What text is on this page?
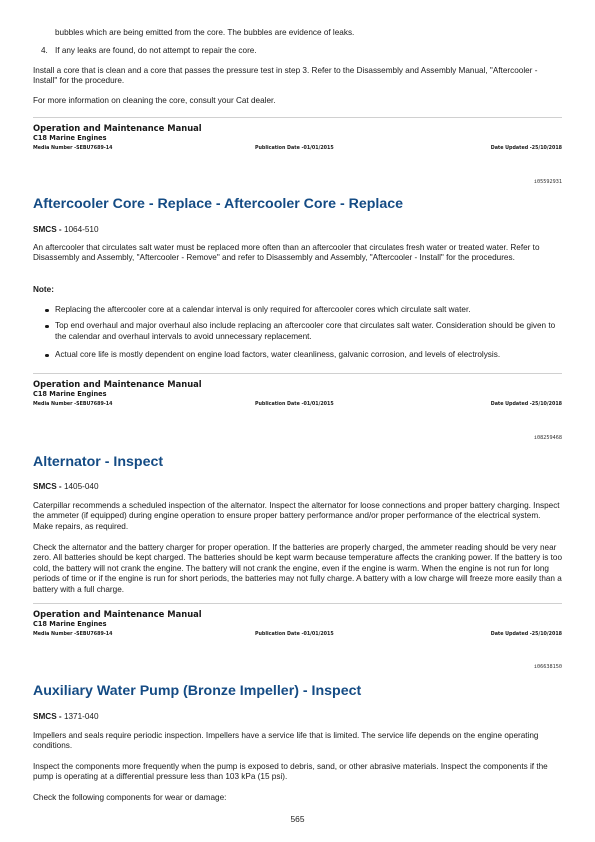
bubbles which are being emitted from the core. The bubbles are evidence of leaks.

4. If any leaks are found, do not attempt to repair the core.

Install a core that is clean and a core that passes the pressure test in step 3. Refer to the Disassembly and Assembly Manual, "Aftercooler - Install" for the procedure.

For more information on cleaning the core, consult your Cat dealer.

Operation and Maintenance Manual
C18 Marine Engines
Media Number -SEBU7689-14	Publication Date -01/01/2015	Date Updated -25/10/2018
i05592931
Aftercooler Core - Replace - Aftercooler Core - Replace
SMCS - 1064-510

An aftercooler that circulates salt water must be replaced more often than an aftercooler that circulates fresh water or treated water. Refer to Disassembly and Assembly, "Aftercooler - Remove" and refer to Disassembly and Assembly, "Aftercooler - Install" for the procedures.

Note:
Replacing the aftercooler core at a calendar interval is only required for aftercooler cores which circulate salt water.
Top end overhaul and major overhaul also include replacing an aftercooler core that circulates salt water. Consideration should be given to the calendar and overhaul intervals to avoid unnecessary replacement.
Actual core life is mostly dependent on engine load factors, water cleanliness, galvanic corrosion, and levels of electrolysis.
Operation and Maintenance Manual
C18 Marine Engines
Media Number -SEBU7689-14	Publication Date -01/01/2015	Date Updated -25/10/2018
i08259468
Alternator - Inspect
SMCS - 1405-040

Caterpillar recommends a scheduled inspection of the alternator. Inspect the alternator for loose connections and proper battery charging. Inspect the ammeter (if equipped) during engine operation to ensure proper battery performance and/or proper performance of the electrical system. Make repairs, as required.

Check the alternator and the battery charger for proper operation. If the batteries are properly charged, the ammeter reading should be very near zero. All batteries should be kept charged. The batteries should be kept warm because temperature affects the cranking power. If the battery is too cold, the battery will not crank the engine. The battery will not crank the engine, even if the engine is warm. When the engine is not run for long periods of time or if the engine is run for short periods, the batteries may not fully charge. A battery with a low charge will freeze more easily than a battery with a full charge.

Operation and Maintenance Manual
C18 Marine Engines
Media Number -SEBU7689-14	Publication Date -01/01/2015	Date Updated -25/10/2018
i06638150
Auxiliary Water Pump (Bronze Impeller) - Inspect
SMCS - 1371-040

Impellers and seals require periodic inspection. Impellers have a service life that is limited. The service life depends on the engine operating conditions.

Inspect the components more frequently when the pump is exposed to debris, sand, or other abrasive materials. Inspect the components if the pump is operating at a differential pressure less than 103 kPa (15 psi).

Check the following components for wear or damage:

565
